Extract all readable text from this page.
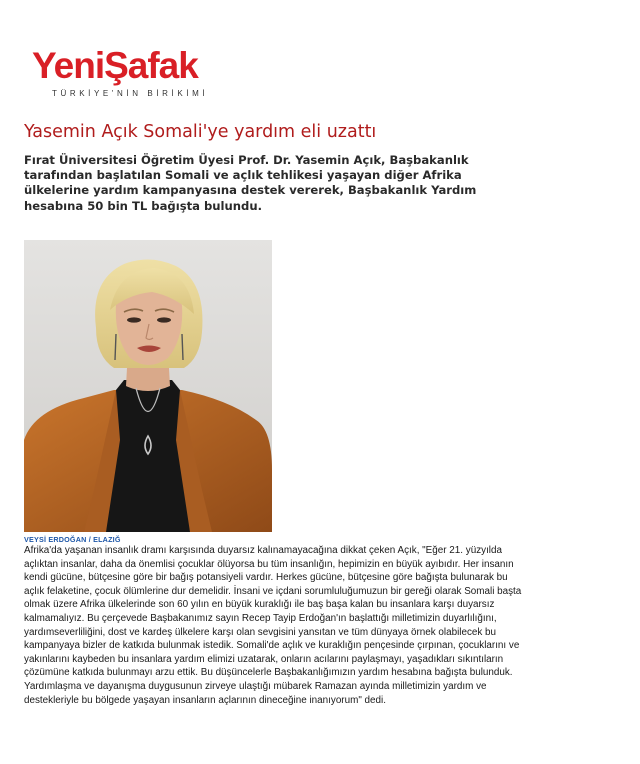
YeniŞafak
TÜRKİYE'NİN BİRİKİMİ
Yasemin Açık Somali'ye yardım eli uzattı

Fırat Üniversitesi Öğretim Üyesi Prof. Dr. Yasemin Açık, Başbakanlık tarafından başlatılan Somali ve açlık tehlikesi yaşayan diğer Afrika ülkelerine yardım kampanyasına destek vererek, Başbakanlık Yardım hesabına 50 bin TL bağışta bulundu.

VEYSİ ERDOĞAN / ELAZIĞ

Afrika'da yaşanan insanlık dramı karşısında duyarsız kalınamayacağına dikkat çeken Açık, "Eğer 21. yüzyılda açlıktan insanlar, daha da önemlisi çocuklar ölüyorsa bu tüm insanlığın, hepimizin en büyük ayıbıdır. Her insanın kendi gücüne, bütçesine göre bir bağış potansiyeli vardır. Herkes gücüne, bütçesine göre bağışta bulunarak bu açlık felaketine, çocuk ölümlerine dur demelidir. İnsani ve içdani sorumluluğumuzun bir gereği olarak Somali başta olmak üzere Afrika ülkelerinde son 60 yılın en büyük kuraklığı ile baş başa kalan bu insanlara karşı duyarsız kalmamalıyız. Bu çerçevede Başbakanımız sayın Recep Tayip Erdoğan'ın başlattığı milletimizin duyarlılığını, yardımseverliliğini, dost ve kardeş ülkelere karşı olan sevgisini yansıtan ve tüm dünyaya örnek olabilecek bu kampanyaya bizler de katkıda bulunmak istedik. Somali'de açlık ve kuraklığın pençesinde çırpınan, çocuklarını ve yakınlarını kaybeden bu insanlara yardım elimizi uzatarak, onların acılarını paylaşmayı, yaşadıkları sıkıntıların çözümüne katkıda bulunmayı arzu ettik. Bu düşüncelerle Başbakanlığımızın yardım hesabına bağışta bulunduk. Yardımlaşma ve dayanışma duygusunun zirveye ulaştığı mübarek Ramazan ayında milletimizin yardım ve destekleriyle bu bölgede yaşayan insanların açlarının dineceğine inanıyorum" dedi.
